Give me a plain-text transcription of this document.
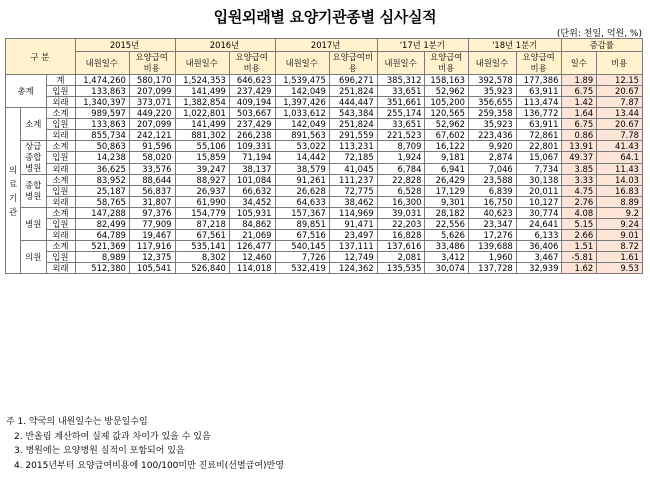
입원외래별 요양기관종별 심사실적
(단위: 천일, 억원, %)
구 분			2015년		2016년		2017년		'17년 1분기		'18년 1분기		증감률	
			내원일수	요양급여비용	내원일수	요양급여비용	내원일수	요양급여비용	내원일수	요양급여비용	내원일수	요양급여비용	일수	비용

총계		계	1,474,260	580,170	1,524,353	646,623	1,539,475	696,271	385,312	158,163	392,578	177,386	1.89	12.15
		입원	133,863	207,099	141,499	237,429	142,049	251,824	33,651	52,962	35,923	63,911	6.75	20.67
		외래	1,340,397	373,071	1,382,854	409,194	1,397,426	444,447	351,661	105,200	356,655	113,474	1.42	7.87
의료기관	소계	소계	989,597	449,220	1,022,801	503,667	1,033,612	543,384	255,174	120,565	259,358	136,772	1.64	13.44
		입원	133,863	207,099	141,499	237,429	142,049	251,824	33,651	52,962	35,923	63,911	6.75	20.67
		외래	855,734	242,121	881,302	266,238	891,563	291,559	221,523	67,602	223,436	72,861	0.86	7.78
	상급종합병원	소계	50,863	91,596	55,106	109,331	53,022	113,231	8,709	16,122	9,920	22,801	13.91	41.43
		입원	14,238	58,020	15,859	71,194	14,442	72,185	1,924	9,181	2,874	15,067	49.37	64.1
		외래	36,625	33,576	39,247	38,137	38,579	41,045	6,784	6,941	7,046	7,734	3.85	11.43
	종합병원	소계	83,952	88,644	88,927	101,084	91,261	111,237	22,828	26,429	23,588	30,138	3.33	14.03
		입원	25,187	56,837	26,937	66,632	26,628	72,775	6,528	17,129	6,839	20,011	4.75	16.83
		외래	58,765	31,807	61,990	34,452	64,633	38,462	16,300	9,301	16,750	10,127	2.76	8.89
	병원	소계	147,288	97,376	154,779	105,931	157,367	114,969	39,031	28,182	40,623	30,774	4.08	9.2
		입원	82,499	77,909	87,218	84,862	89,851	91,471	22,203	22,556	23,347	24,641	5.15	9.24
		외래	64,789	19,467	67,561	21,069	67,516	23,497	16,828	5,626	17,276	6,133	2.66	9.01
	의원	소계	521,369	117,916	535,141	126,477	540,145	137,111	137,616	33,486	139,688	36,406	1.51	8.72
		입원	8,989	12,375	8,302	12,460	7,726	12,749	2,081	3,412	1,960	3,467	-5.81	1.61
		외래	512,380	105,541	526,840	114,018	532,419	124,362	135,535	30,074	137,728	32,939	1.62	9.53
주 1. 약국의 내원일수는 방문일수임
2. 반올림 계산하여 실제 값과 차이가 있을 수 있음
3. 병원에는 요양병원 실적이 포함되어 있음
4. 2015년부터 요양급여비용에 100/100미만 진료비(선별급여)반영
